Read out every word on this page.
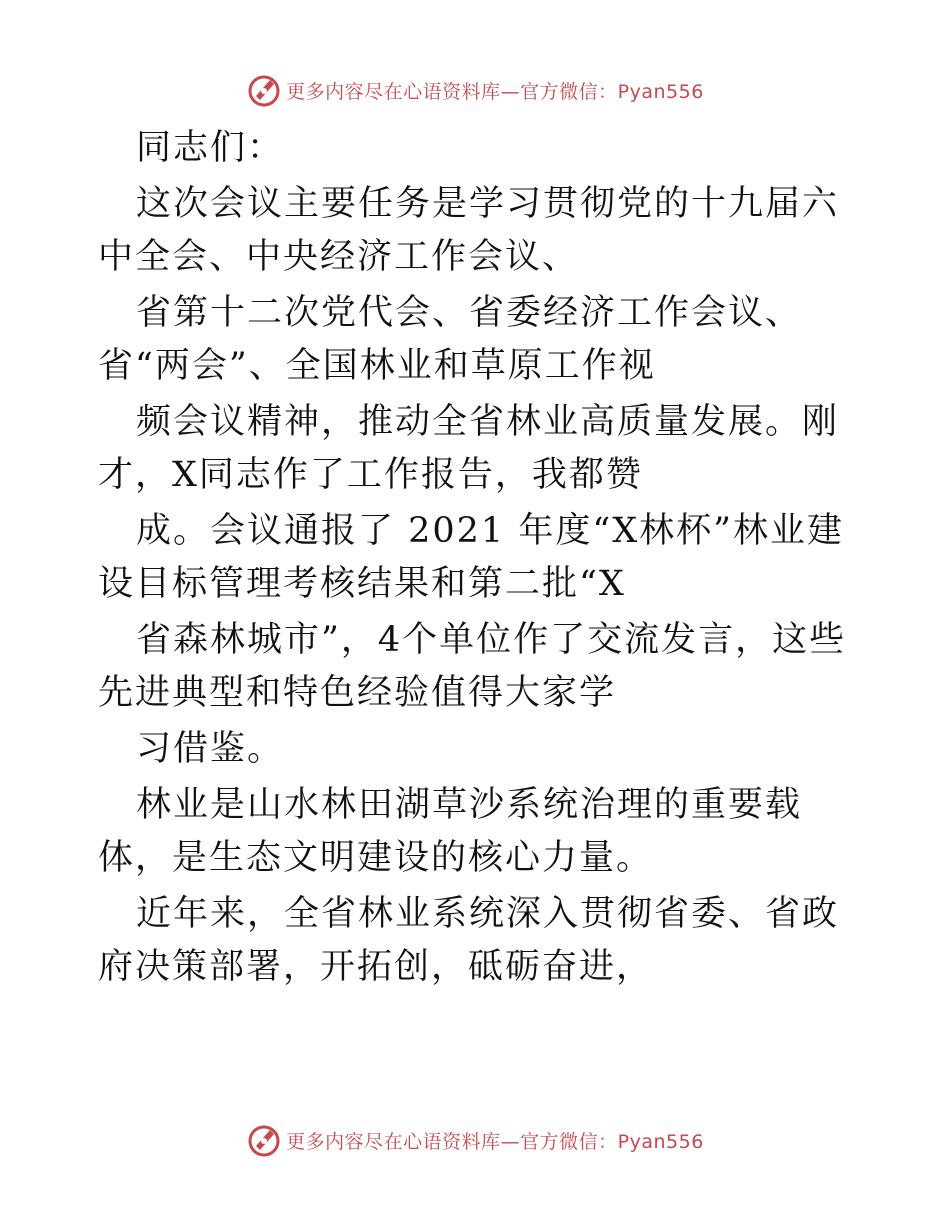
更多内容尽在心语资料库—官方微信：Pyan556

同志们：

这次会议主要任务是学习贯彻党的十九届六中全会、中央经济工作会议、

省第十二次党代会、省委经济工作会议、省“两会”、全国林业和草原工作视

频会议精神，推动全省林业高质量发展。刚才，X同志作了工作报告，我都赞

成。会议通报了 2021 年度“X林杯”林业建设目标管理考核结果和第二批“X

省森林城市”，4个单位作了交流发言，这些先进典型和特色经验值得大家学

习借鉴。

林业是山水林田湖草沙系统治理的重要载体，是生态文明建设的核心力量。

近年来，全省林业系统深入贯彻省委、省政府决策部署，开拓创，砥砺奋进，

更多内容尽在心语资料库—官方微信：Pyan556
